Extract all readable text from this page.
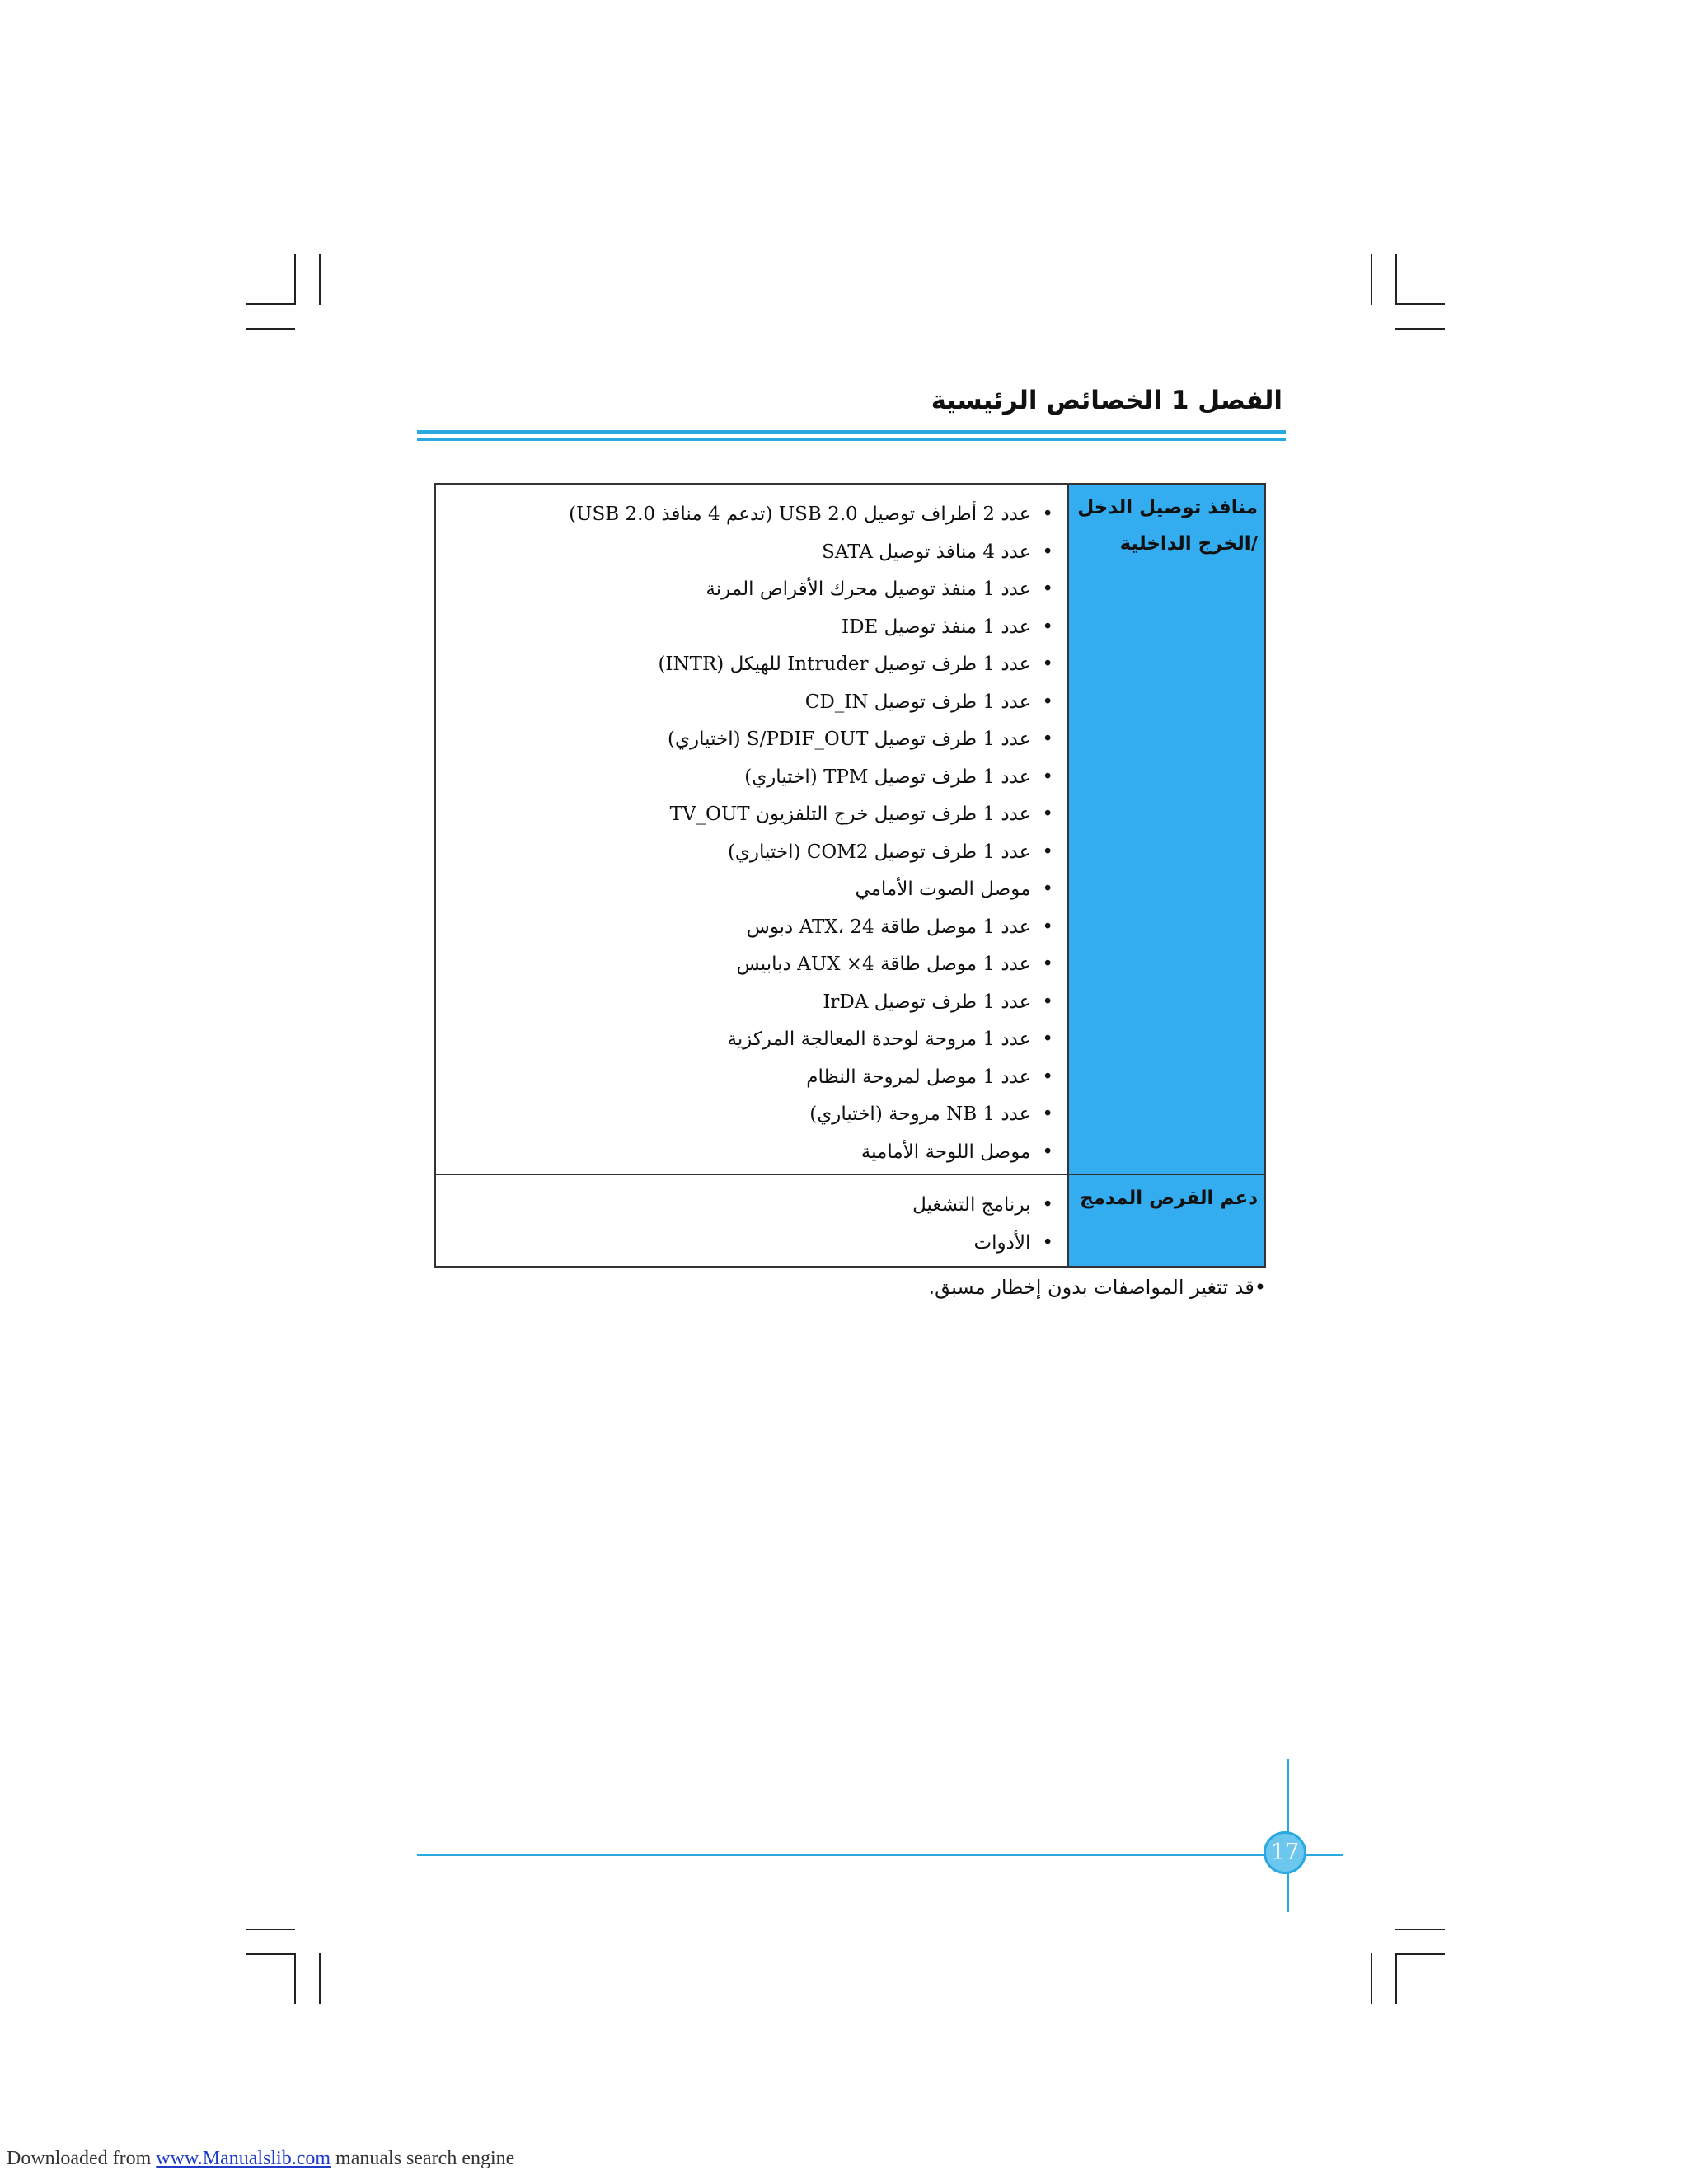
الفصل 1 الخصائص الرئيسية
منافذ توصيل الدخل /الخرج الداخلية
• عدد 2 أطراف توصيل USB 2.0 (تدعم 4 منافذ USB 2.0)
• عدد 4 منافذ توصيل SATA
• عدد 1 منفذ توصيل محرك الأقراص المرنة
• عدد 1 منفذ توصيل IDE
• عدد 1 طرف توصيل Intruder للهيكل (INTR)
• عدد 1 طرف توصيل CD_IN
• عدد 1 طرف توصيل S/PDIF_OUT (اختياري)
• عدد 1 طرف توصيل TPM (اختياري)
• عدد 1 طرف توصيل خرج التلفزيون TV_OUT
• عدد 1 طرف توصيل COM2 (اختياري)
• موصل الصوت الأمامي
• عدد 1 موصل طاقة ATX، 24 دبوس
• عدد 1 موصل طاقة AUX ×4 دبابيس
• عدد 1 طرف توصيل IrDA
• عدد 1 مروحة لوحدة المعالجة المركزية
• عدد 1 موصل لمروحة النظام
• عدد 1 NB مروحة (اختياري)
• موصل اللوحة الأمامية
دعم القرص المدمج
• برنامج التشغيل
• الأدوات
•قد تتغير المواصفات بدون إخطار مسبق.
17
Downloaded from www.Manualslib.com manuals search engine
